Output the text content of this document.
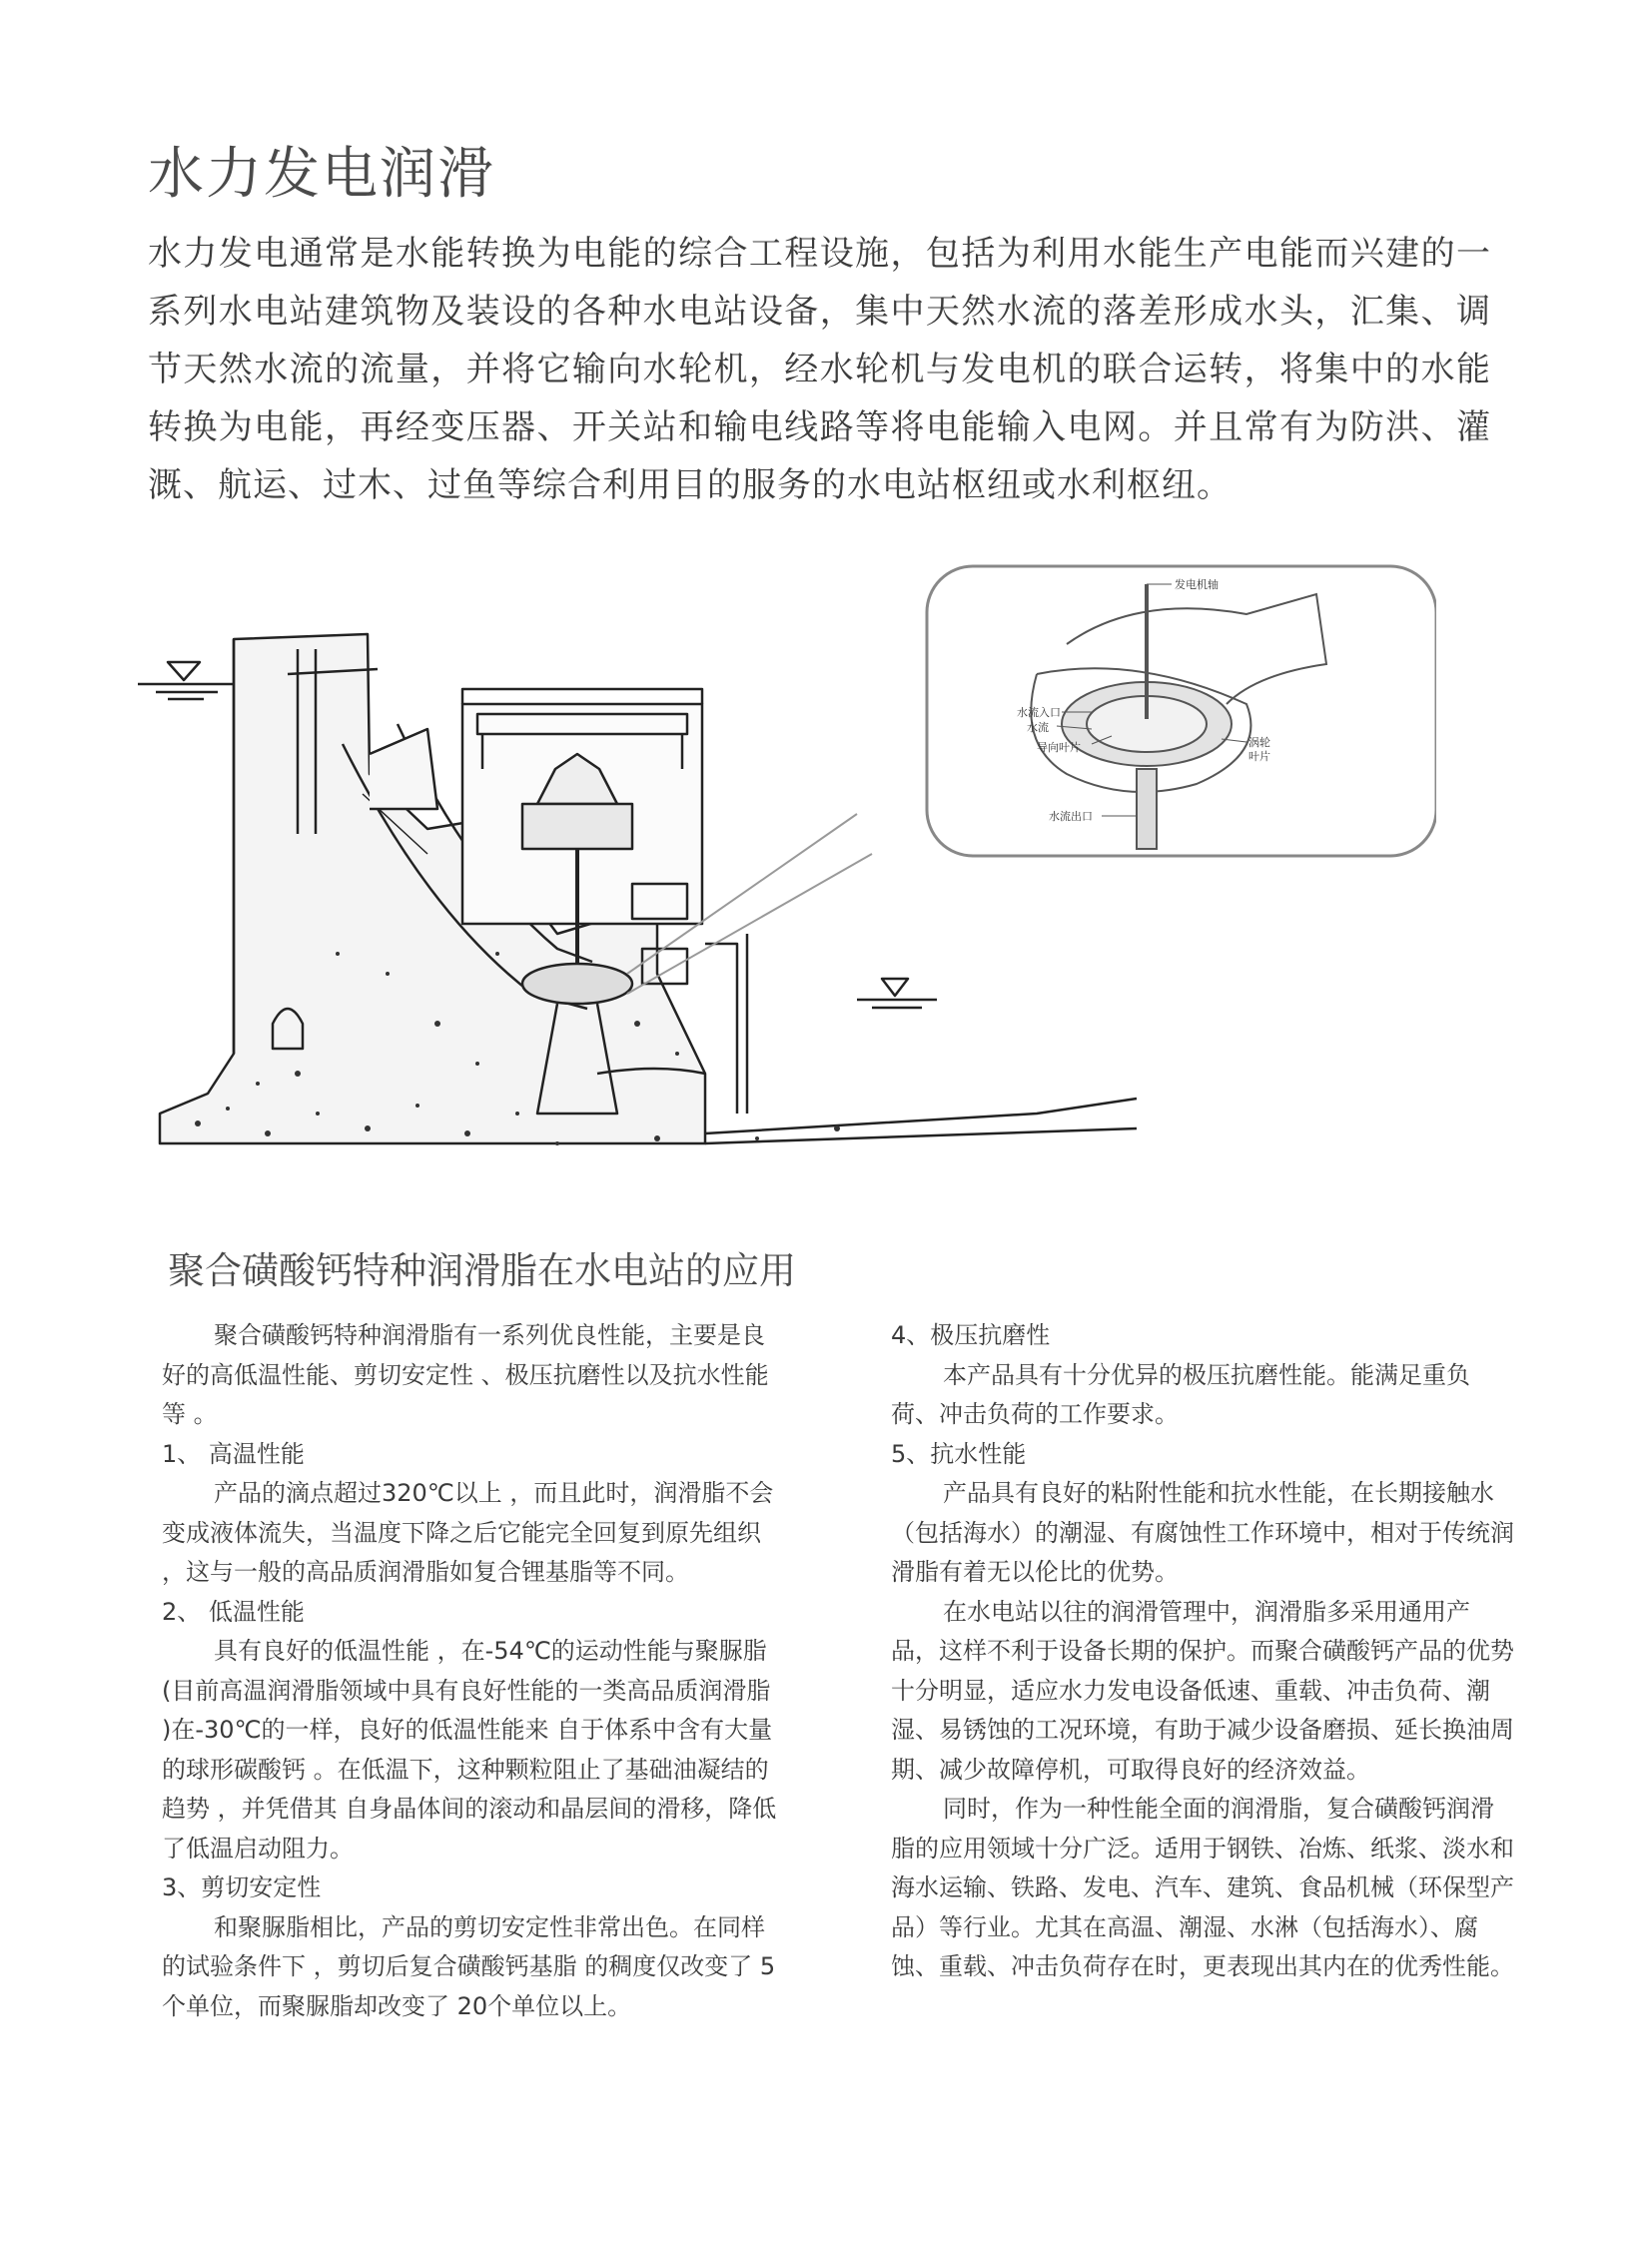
水力发电润滑

水力发电通常是水能转换为电能的综合工程设施，包括为利用水能生产电能而兴建的一系列水电站建筑物及装设的各种水电站设备，集中天然水流的落差形成水头，汇集、调节天然水流的流量，并将它输向水轮机，经水轮机与发电机的联合运转，将集中的水能转换为电能，再经变压器、开关站和输电线路等将电能输入电网。并且常有为防洪、灌溉、航运、过木、过鱼等综合利用目的服务的水电站枢纽或水利枢纽。

发电机轴
水流入口
水流
导向叶片	涡轮
叶片
水流出口
聚合磺酸钙特种润滑脂在水电站的应用

聚合磺酸钙特种润滑脂有一系列优良性能，主要是良好的高低温性能、剪切安定性 、极压抗磨性以及抗水性能等 。

1、 高温性能

产品的滴点超过320℃以上 ，而且此时，润滑脂不会变成液体流失，当温度下降之后它能完全回复到原先组织 ，这与一般的高品质润滑脂如复合锂基脂等不同。

2、 低温性能

具有良好的低温性能 ，在-54℃的运动性能与聚脲脂 (目前高温润滑脂领域中具有良好性能的一类高品质润滑脂 )在-30℃的一样，良好的低温性能来 自于体系中含有大量的球形碳酸钙 。在低温下，这种颗粒阻止了基础油凝结的趋势 ，并凭借其 自身晶体间的滚动和晶层间的滑移，降低了低温启动阻力。

3、剪切安定性

和聚脲脂相比，产品的剪切安定性非常出色。在同样的试验条件下 ，剪切后复合磺酸钙基脂 的稠度仅改变了 5个单位，而聚脲脂却改变了 20个单位以上。

4、极压抗磨性

本产品具有十分优异的极压抗磨性能。能满足重负荷、冲击负荷的工作要求。

5、抗水性能

产品具有良好的粘附性能和抗水性能，在长期接触水（包括海水）的潮湿、有腐蚀性工作环境中，相对于传统润滑脂有着无以伦比的优势。

在水电站以往的润滑管理中，润滑脂多采用通用产品，这样不利于设备长期的保护。而聚合磺酸钙产品的优势十分明显，适应水力发电设备低速、重载、冲击负荷、潮湿、易锈蚀的工况环境，有助于减少设备磨损、延长换油周期、减少故障停机，可取得良好的经济效益。

同时，作为一种性能全面的润滑脂，复合磺酸钙润滑脂的应用领域十分广泛。适用于钢铁、冶炼、纸浆、淡水和海水运输、铁路、发电、汽车、建筑、食品机械（环保型产品）等行业。尤其在高温、潮湿、水淋（包括海水）、腐蚀、重载、冲击负荷存在时，更表现出其内在的优秀性能。
